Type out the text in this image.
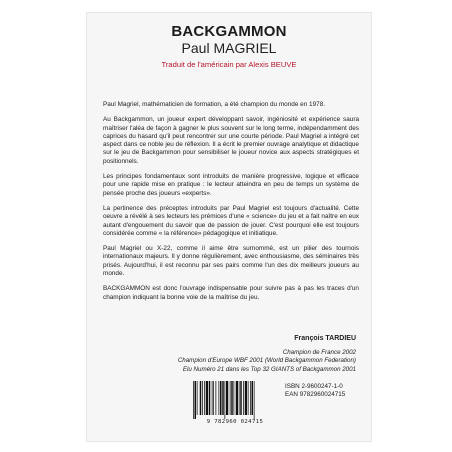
BACKGAMMON
Paul MAGRIEL
Traduit de l'américain par Alexis BEUVE

Paul Magriel, mathématicien de formation, a été champion du monde en 1978.

Au Backgammon, un joueur expert développant savoir, ingéniosité et expérience saura maîtriser l'aléa de façon à gagner le plus souvent sur le long terme, indépendamment des caprices du hasard qu'il peut rencontrer sur une courte période. Paul Magriel a intégré cet aspect dans ce noble jeu de réflexion. Il a écrit le premier ouvrage analytique et didactique sur le jeu de Backgammon pour sensibiliser le joueur novice aux aspects stratégiques et positionnels.

Les principes fondamentaux sont introduits de manière progressive, logique et efficace pour une rapide mise en pratique : le lecteur atteindra en peu de temps un système de pensée proche des joueurs «experts».

La pertinence des préceptes introduits par Paul Magriel est toujours d'actualité. Cette oeuvre a révélé à ses lecteurs les prémices d'une « science» du jeu et a fait naître en eux autant d'engouement du savoir que de passion de jouer. C'est pourquoi elle est toujours considérée comme « la référence» pédagogique et initiatique.

Paul Magriel ou X-22, comme il aime être surnommé, est un pilier des tournois internationaux majeurs. Il y donne régulièrement, avec enthousiasme, des séminaires très prisés. Aujourd'hui, il est reconnu par ses pairs comme l'un des dix meilleurs joueurs au monde.

BACKGAMMON est donc l'ouvrage indispensable pour suivre pas à pas les traces d'un champion indiquant la bonne voie de la maîtrise du jeu.

François TARDIEU
Champion de France 2002
Champion d'Europe WBF 2001 (World Backgammon Federation)
Elu Numéro 21 dans les Top 32 GIANTS of Backgammon 2001
9 782960 024715
ISBN 2-9600247-1-0
EAN 9782960024715
